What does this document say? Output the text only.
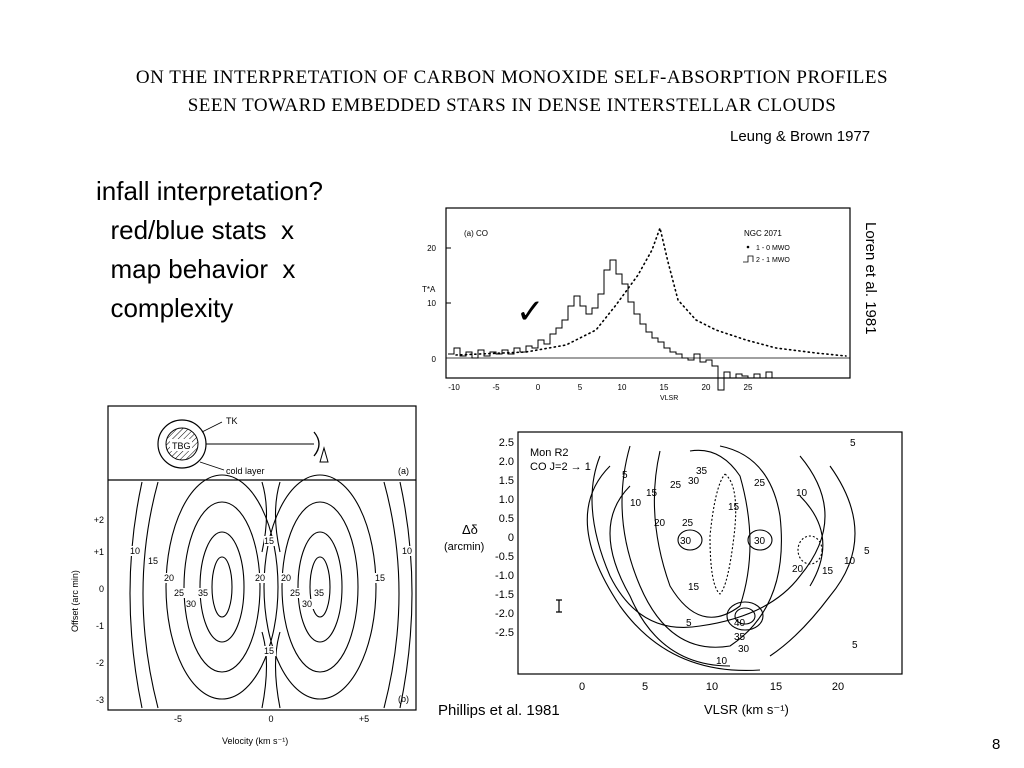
ON THE INTERPRETATION OF CARBON MONOXIDE SELF-ABSORPTION PROFILES
SEEN TOWARD EMBEDDED STARS IN DENSE INTERSTELLAR CLOUDS
Leung & Brown 1977
infall interpretation?
red/blue stats  x
map behavior  x
complexity	✓
0
10
20
T*A
-10	-5	0	5	10	15	20	25
VLSR
(a) CO	NGC 2071
1 - 0 MWO
2 - 1 MWO	Loren et al. 1981
TBG
TK
cold layer	(a)
10
15
20
25
30
35
15
20
25
30
35
20	15
10
15
(b)
+2
+1
0
-1
-2
-3
Offset (arc min)
-5	0	+5
Velocity (km s⁻¹)
2.5
2.0
1.5
1.0
0.5
0
-0.5
-1.0
-1.5
-2.0
-2.5
Δδ
(arcmin)
Mon R2
CO J=2 → 1
5
10
15
20
25 30
35
40
25
30
15
5
10
15
20
30
10
15
5
10
35
30
25
5
5
0	5	10	15	20
VLSR (km s⁻¹)
Phillips et al. 1981
8
